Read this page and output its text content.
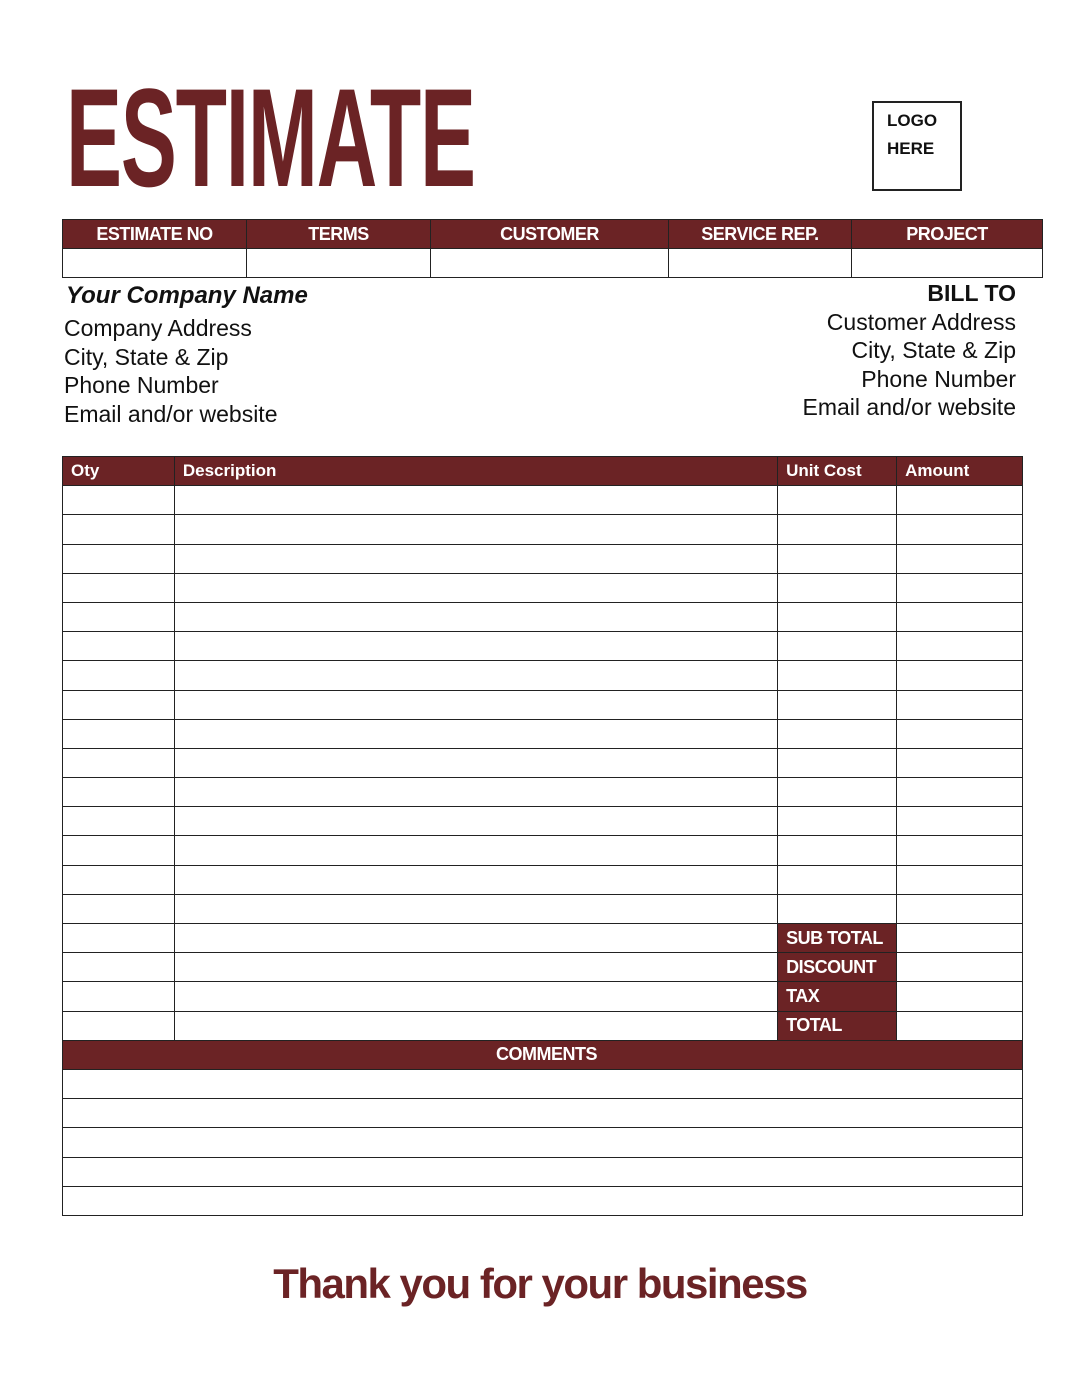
ESTIMATE	LOGO
HERE
ESTIMATE NO	TERMS	CUSTOMER	SERVICE REP.	PROJECT

Your Company Name
Company Address
City, State & Zip
Phone Number
Email and/or website
BILL TO
Customer Address
City, State & Zip
Phone Number
Email and/or website
Oty	Description	Unit Cost	Amount

		SUB TOTAL	
		DISCOUNT	
		TAX	
		TOTAL	
COMMENTS			

Thank you for your business
